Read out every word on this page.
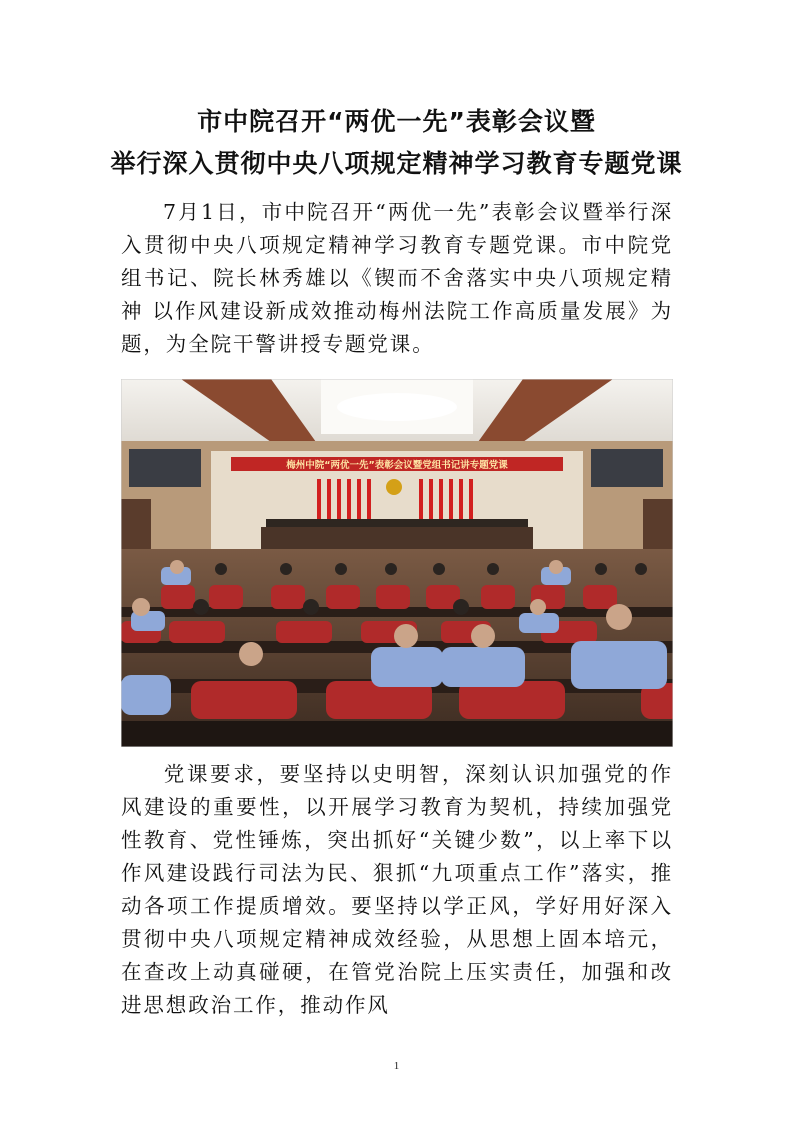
市中院召开“两优一先”表彰会议暨
举行深入贯彻中央八项规定精神学习教育专题党课

7月1日，市中院召开“两优一先”表彰会议暨举行深入贯彻中央八项规定精神学习教育专题党课。市中院党组书记、院长林秀雄以《锲而不舍落实中央八项规定精神 以作风建设新成效推动梅州法院工作高质量发展》为题，为全院干警讲授专题党课。

梅州中院“两优一先”表彰会议暨党组书记讲专题党课

党课要求，要坚持以史明智，深刻认识加强党的作风建设的重要性，以开展学习教育为契机，持续加强党性教育、党性锤炼，突出抓好“关键少数”，以上率下以作风建设践行司法为民、狠抓“九项重点工作”落实，推动各项工作提质增效。要坚持以学正风，学好用好深入贯彻中央八项规定精神成效经验，从思想上固本培元，在查改上动真碰硬，在管党治院上压实责任，加强和改进思想政治工作，推动作风

1
